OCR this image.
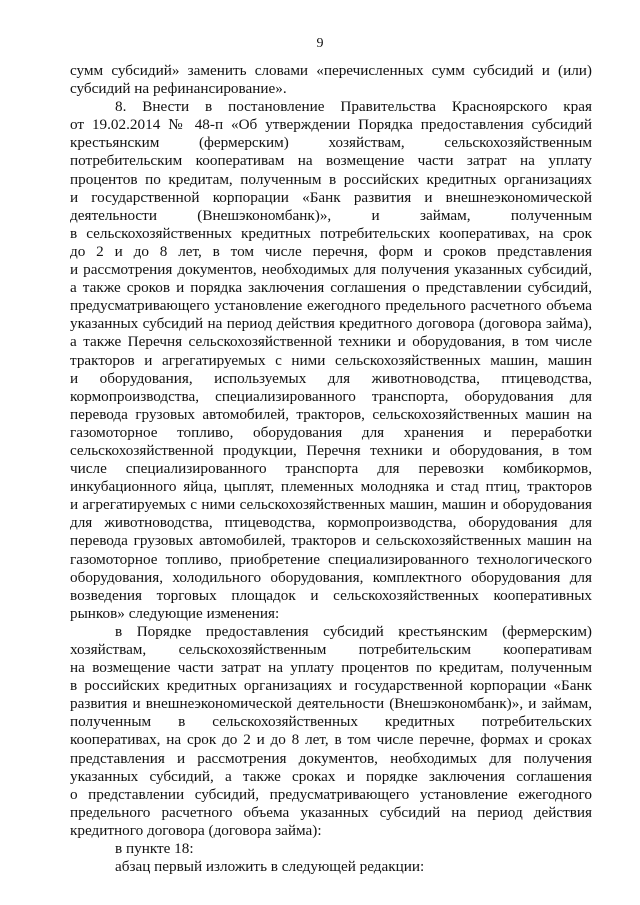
9
сумм субсидий» заменить словами «перечисленных сумм субсидий и (или)
субсидий на рефинансирование».
8. Внести в постановление Правительства Красноярского края
от 19.02.2014 № 48-п «Об утверждении Порядка предоставления субсидий
крестьянским (фермерским) хозяйствам, сельскохозяйственным
потребительским кооперативам на возмещение части затрат на уплату
процентов по кредитам, полученным в российских кредитных организациях
и государственной корпорации «Банк развития и внешнеэкономической
деятельности (Внешэкономбанк)», и займам, полученным
в сельскохозяйственных кредитных потребительских кооперативах, на срок
до 2 и до 8 лет, в том числе перечня, форм и сроков представления
и рассмотрения документов, необходимых для получения указанных субсидий,
а также сроков и порядка заключения соглашения о представлении субсидий,
предусматривающего установление ежегодного предельного расчетного объема
указанных субсидий на период действия кредитного договора (договора займа),
а также Перечня сельскохозяйственной техники и оборудования, в том числе
тракторов и агрегатируемых с ними сельскохозяйственных машин, машин
и оборудования, используемых для животноводства, птицеводства,
кормопроизводства, специализированного транспорта, оборудования для
перевода грузовых автомобилей, тракторов, сельскохозяйственных машин на
газомоторное топливо, оборудования для хранения и переработки
сельскохозяйственной продукции, Перечня техники и оборудования, в том
числе специализированного транспорта для перевозки комбикормов,
инкубационного яйца, цыплят, племенных молодняка и стад птиц, тракторов
и агрегатируемых с ними сельскохозяйственных машин, машин и оборудования
для животноводства, птицеводства, кормопроизводства, оборудования для
перевода грузовых автомобилей, тракторов и сельскохозяйственных машин на
газомоторное топливо, приобретение специализированного технологического
оборудования, холодильного оборудования, комплектного оборудования для
возведения торговых площадок и сельскохозяйственных кооперативных
рынков» следующие изменения:
в Порядке предоставления субсидий крестьянским (фермерским)
хозяйствам, сельскохозяйственным потребительским кооперативам
на возмещение части затрат на уплату процентов по кредитам, полученным
в российских кредитных организациях и государственной корпорации «Банк
развития и внешнеэкономической деятельности (Внешэкономбанк)», и займам,
полученным в сельскохозяйственных кредитных потребительских
кооперативах, на срок до 2 и до 8 лет, в том числе перечне, формах и сроках
представления и рассмотрения документов, необходимых для получения
указанных субсидий, а также сроках и порядке заключения соглашения
о представлении субсидий, предусматривающего установление ежегодного
предельного расчетного объема указанных субсидий на период действия
кредитного договора (договора займа):
в пункте 18:
абзац первый изложить в следующей редакции:
